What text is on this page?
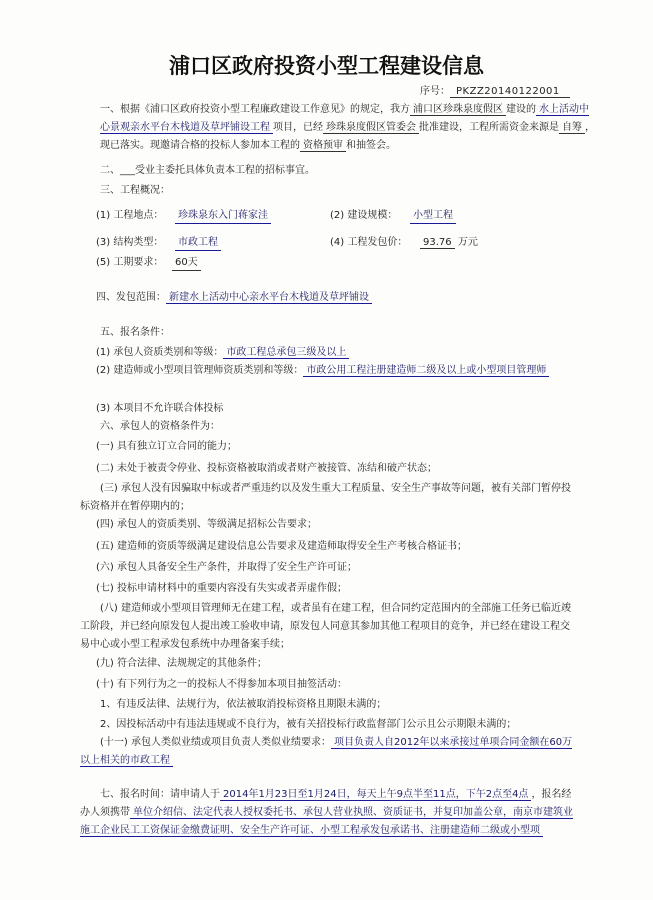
浦口区政府投资小型工程建设信息
序号： PKZZ20140122001
一、根据《浦口区政府投资小型工程廉政建设工作意见》的规定，我方 浦口区珍珠泉度假区 建设的 水上活动中心景观亲水平台木栈道及草坪铺设工程 项目，已经 珍珠泉度假区管委会 批准建设，工程所需资金来源是 自筹 ，现已落实。现邀请合格的投标人参加本工程的 资格预审 和抽签会。
二、___受业主委托具体负责本工程的招标事宜。
三、工程概况：
(1) 工程地点：	珍珠泉东入门蒋家洼	(2) 建设规模：	小型工程
(3) 结构类型：	市政工程	(4) 工程发包价：	93.76 万元
(5) 工期要求：	60天
四、发包范围： 新建水上活动中心亲水平台木栈道及草坪铺设
五、报名条件：
(1) 承包人资质类别和等级： 市政工程总承包三级及以上
(2) 建造师或小型项目管理师资质类别和等级： 市政公用工程注册建造师二级及以上或小型项目管理师
(3) 本项目不允许联合体投标
六、承包人的资格条件为：
(一) 具有独立订立合同的能力；
(二) 未处于被责令停业、投标资格被取消或者财产被接管、冻结和破产状态；
(三) 承包人没有因骗取中标或者严重违约以及发生重大工程质量、安全生产事故等问题，被有关部门暂停投标资格并在暂停期内的；
(四) 承包人的资质类别、等级满足招标公告要求；
(五) 建造师的资质等级满足建设信息公告要求及建造师取得安全生产考核合格证书；
(六) 承包人具备安全生产条件，并取得了安全生产许可证；
(七) 投标申请材料中的重要内容没有失实或者弄虚作假；
(八) 建造师或小型项目管理师无在建工程，或者虽有在建工程，但合同约定范围内的全部施工任务已临近竣工阶段，并已经向原发包人提出竣工验收申请，原发包人同意其参加其他工程项目的竞争，并已经在建设工程交易中心或小型工程承发包系统中办理备案手续；
(九) 符合法律、法规规定的其他条件；
(十) 有下列行为之一的投标人不得参加本项目抽签活动：
1、有违反法律、法规行为，依法被取消投标资格且期限未满的；
2、因投标活动中有违法违规或不良行为，被有关招投标行政监督部门公示且公示期限未满的；
(十一) 承包人类似业绩或项目负责人类似业绩要求： 项目负责人自2012年以来承接过单项合同金额在60万以上相关的市政工程
七、报名时间：请申请人于 2014年1月23日至1月24日，每天上午9点半至11点，下午2点至4点 ，报名经办人须携带 单位介绍信、法定代表人授权委托书、承包人营业执照、资质证书，并复印加盖公章，南京市建筑业施工企业民工工资保证金缴费证明、安全生产许可证、小型工程承发包承诺书、注册建造师二级或小型项
